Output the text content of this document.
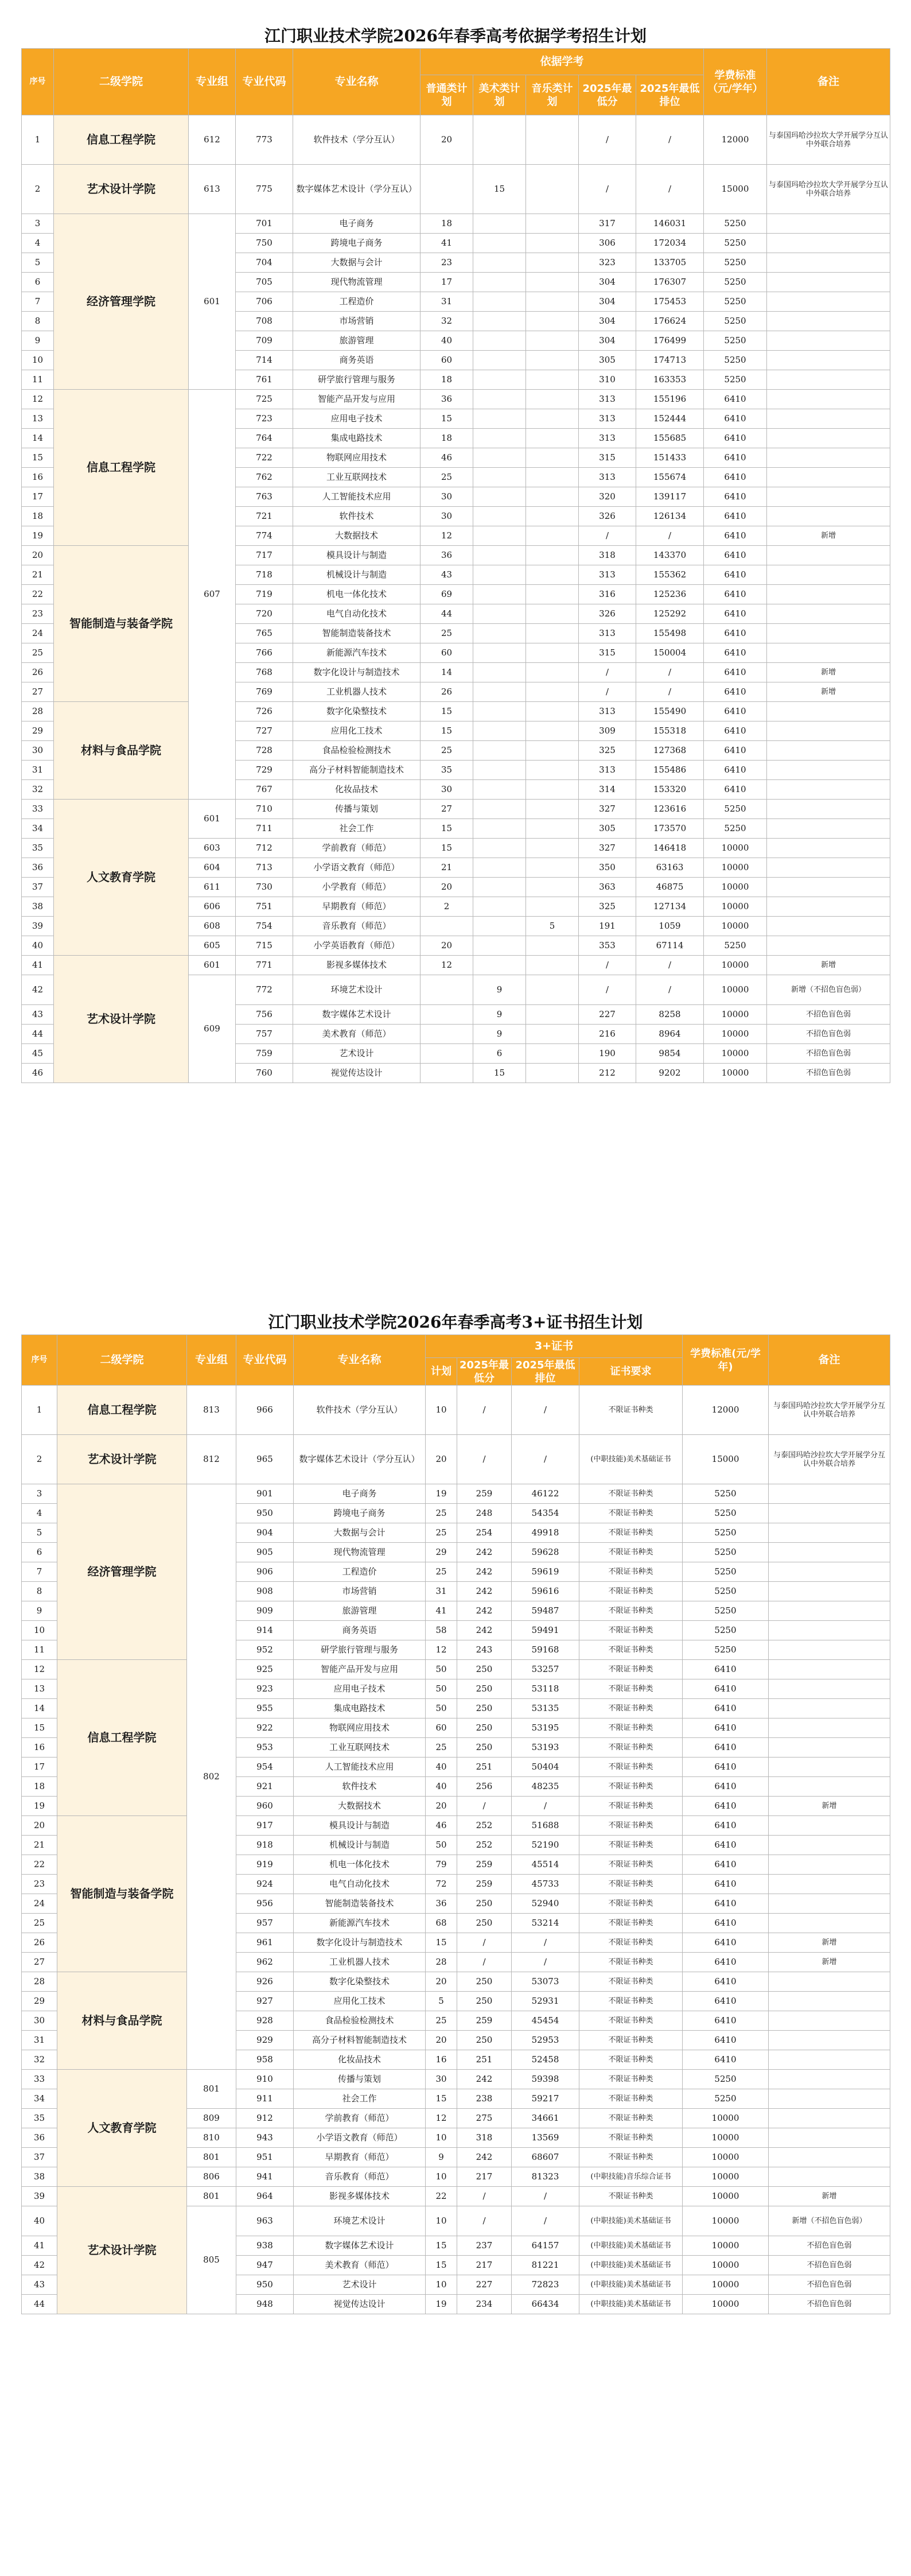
江门职业技术学院2026年春季高考依据学考招生计划
序号	二级学院	专业组	专业代码	专业名称	依据学考					学费标准（元/学年）	备注
					普通类计划	美术类计划	音乐类计划	2025年最低分	2025年最低排位		
1	信息工程学院	612	773	软件技术（学分互认）	20			/	/	12000	与泰国玛哈沙拉坎大学开展学分互认中外联合培养
2	艺术设计学院	613	775	数字媒体艺术设计（学分互认）		15		/	/	15000	与泰国玛哈沙拉坎大学开展学分互认中外联合培养
3	经济管理学院	601	701	电子商务	18			317	146031	5250	
4			750	跨境电子商务	41			306	172034	5250	
5			704	大数据与会计	23			323	133705	5250	
6			705	现代物流管理	17			304	176307	5250	
7			706	工程造价	31			304	175453	5250	
8			708	市场营销	32			304	176624	5250	
9			709	旅游管理	40			304	176499	5250	
10			714	商务英语	60			305	174713	5250	
11			761	研学旅行管理与服务	18			310	163353	5250	
12	信息工程学院	607	725	智能产品开发与应用	36			313	155196	6410	
13			723	应用电子技术	15			313	152444	6410	
14			764	集成电路技术	18			313	155685	6410	
15			722	物联网应用技术	46			315	151433	6410	
16			762	工业互联网技术	25			313	155674	6410	
17			763	人工智能技术应用	30			320	139117	6410	
18			721	软件技术	30			326	126134	6410	
19			774	大数据技术	12			/	/	6410	新增
20	智能制造与装备学院		717	模具设计与制造	36			318	143370	6410	
21			718	机械设计与制造	43			313	155362	6410	
22			719	机电一体化技术	69			316	125236	6410	
23			720	电气自动化技术	44			326	125292	6410	
24			765	智能制造装备技术	25			313	155498	6410	
25			766	新能源汽车技术	60			315	150004	6410	
26			768	数字化设计与制造技术	14			/	/	6410	新增
27			769	工业机器人技术	26			/	/	6410	新增
28	材料与食品学院		726	数字化染整技术	15			313	155490	6410	
29			727	应用化工技术	15			309	155318	6410	
30			728	食品检验检测技术	25			325	127368	6410	
31			729	高分子材料智能制造技术	35			313	155486	6410	
32			767	化妆品技术	30			314	153320	6410	
33	人文教育学院	601	710	传播与策划	27			327	123616	5250	
34			711	社会工作	15			305	173570	5250	
35		603	712	学前教育（师范）	15			327	146418	10000	
36		604	713	小学语文教育（师范）	21			350	63163	10000	
37		611	730	小学教育（师范）	20			363	46875	10000	
38		606	751	早期教育（师范）	2			325	127134	10000	
39		608	754	音乐教育（师范）			5	191	1059	10000	
40		605	715	小学英语教育（师范）	20			353	67114	5250	
41	艺术设计学院	601	771	影视多媒体技术	12			/	/	10000	新增
42		609	772	环境艺术设计		9		/	/	10000	新增（不招色盲色弱）
43			756	数字媒体艺术设计		9		227	8258	10000	不招色盲色弱
44			757	美术教育（师范）		9		216	8964	10000	不招色盲色弱
45			759	艺术设计		6		190	9854	10000	不招色盲色弱
46			760	视觉传达设计		15		212	9202	10000	不招色盲色弱
江门职业技术学院2026年春季高考3+证书招生计划
序号	二级学院	专业组	专业代码	专业名称	3+证书				学费标准(元/学年)	备注
					计划	2025年最低分	2025年最低排位	证书要求		
1	信息工程学院	813	966	软件技术（学分互认）	10	/	/	不限证书种类	12000	与泰国玛哈沙拉坎大学开展学分互认中外联合培养
2	艺术设计学院	812	965	数字媒体艺术设计（学分互认）	20	/	/	(中职技能)美术基础证书	15000	与泰国玛哈沙拉坎大学开展学分互认中外联合培养
3	经济管理学院	802	901	电子商务	19	259	46122	不限证书种类	5250	
4			950	跨境电子商务	25	248	54354	不限证书种类	5250	
5			904	大数据与会计	25	254	49918	不限证书种类	5250	
6			905	现代物流管理	29	242	59628	不限证书种类	5250	
7			906	工程造价	25	242	59619	不限证书种类	5250	
8			908	市场营销	31	242	59616	不限证书种类	5250	
9			909	旅游管理	41	242	59487	不限证书种类	5250	
10			914	商务英语	58	242	59491	不限证书种类	5250	
11			952	研学旅行管理与服务	12	243	59168	不限证书种类	5250	
12	信息工程学院		925	智能产品开发与应用	50	250	53257	不限证书种类	6410	
13			923	应用电子技术	50	250	53118	不限证书种类	6410	
14			955	集成电路技术	50	250	53135	不限证书种类	6410	
15			922	物联网应用技术	60	250	53195	不限证书种类	6410	
16			953	工业互联网技术	25	250	53193	不限证书种类	6410	
17			954	人工智能技术应用	40	251	50404	不限证书种类	6410	
18			921	软件技术	40	256	48235	不限证书种类	6410	
19			960	大数据技术	20	/	/	不限证书种类	6410	新增
20	智能制造与装备学院		917	模具设计与制造	46	252	51688	不限证书种类	6410	
21			918	机械设计与制造	50	252	52190	不限证书种类	6410	
22			919	机电一体化技术	79	259	45514	不限证书种类	6410	
23			924	电气自动化技术	72	259	45733	不限证书种类	6410	
24			956	智能制造装备技术	36	250	52940	不限证书种类	6410	
25			957	新能源汽车技术	68	250	53214	不限证书种类	6410	
26			961	数字化设计与制造技术	15	/	/	不限证书种类	6410	新增
27			962	工业机器人技术	28	/	/	不限证书种类	6410	新增
28	材料与食品学院		926	数字化染整技术	20	250	53073	不限证书种类	6410	
29			927	应用化工技术	5	250	52931	不限证书种类	6410	
30			928	食品检验检测技术	25	259	45454	不限证书种类	6410	
31			929	高分子材料智能制造技术	20	250	52953	不限证书种类	6410	
32			958	化妆品技术	16	251	52458	不限证书种类	6410	
33	人文教育学院	801	910	传播与策划	30	242	59398	不限证书种类	5250	
34			911	社会工作	15	238	59217	不限证书种类	5250	
35		809	912	学前教育（师范）	12	275	34661	不限证书种类	10000	
36		810	943	小学语文教育（师范）	10	318	13569	不限证书种类	10000	
37		801	951	早期教育（师范）	9	242	68607	不限证书种类	10000	
38		806	941	音乐教育（师范）	10	217	81323	(中职技能)音乐综合证书	10000	
39	艺术设计学院	801	964	影视多媒体技术	22	/	/	不限证书种类	10000	新增
40		805	963	环境艺术设计	10	/	/	(中职技能)美术基础证书	10000	新增（不招色盲色弱）
41			938	数字媒体艺术设计	15	237	64157	(中职技能)美术基础证书	10000	不招色盲色弱
42			947	美术教育（师范）	15	217	81221	(中职技能)美术基础证书	10000	不招色盲色弱
43			950	艺术设计	10	227	72823	(中职技能)美术基础证书	10000	不招色盲色弱
44			948	视觉传达设计	19	234	66434	(中职技能)美术基础证书	10000	不招色盲色弱
